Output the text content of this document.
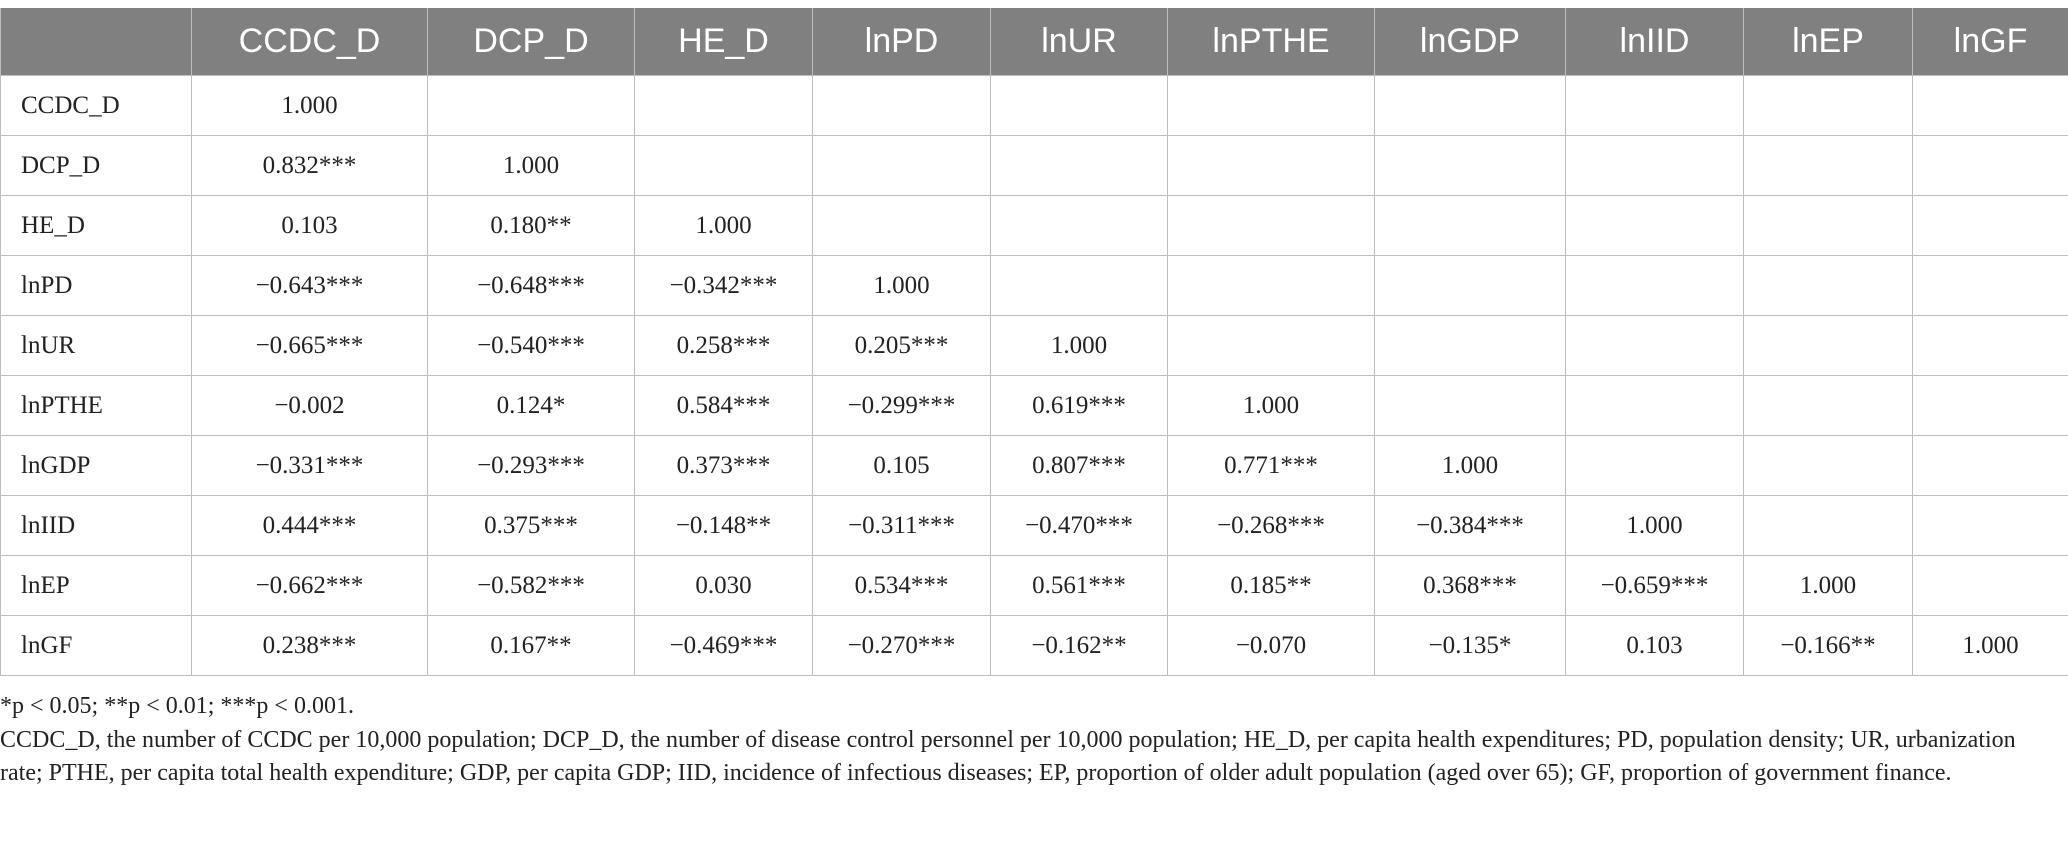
	CCDC_D	DCP_D	HE_D	lnPD	lnUR	lnPTHE	lnGDP	lnIID	lnEP	lnGF
CCDC_D	1.000									
DCP_D	0.832***	1.000								
HE_D	0.103	0.180**	1.000							
lnPD	−0.643***	−0.648***	−0.342***	1.000						
lnUR	−0.665***	−0.540***	0.258***	0.205***	1.000					
lnPTHE	−0.002	0.124*	0.584***	−0.299***	0.619***	1.000				
lnGDP	−0.331***	−0.293***	0.373***	0.105	0.807***	0.771***	1.000			
lnIID	0.444***	0.375***	−0.148**	−0.311***	−0.470***	−0.268***	−0.384***	1.000		
lnEP	−0.662***	−0.582***	0.030	0.534***	0.561***	0.185**	0.368***	−0.659***	1.000	
lnGF	0.238***	0.167**	−0.469***	−0.270***	−0.162**	−0.070	−0.135*	0.103	−0.166**	1.000

*p < 0.05; **p < 0.01; ***p < 0.001.

CCDC_D, the number of CCDC per 10,000 population; DCP_D, the number of disease control personnel per 10,000 population; HE_D, per capita health expenditures; PD, population density; UR, urbanization rate; PTHE, per capita total health expenditure; GDP, per capita GDP; IID, incidence of infectious diseases; EP, proportion of older adult population (aged over 65); GF, proportion of government finance.
